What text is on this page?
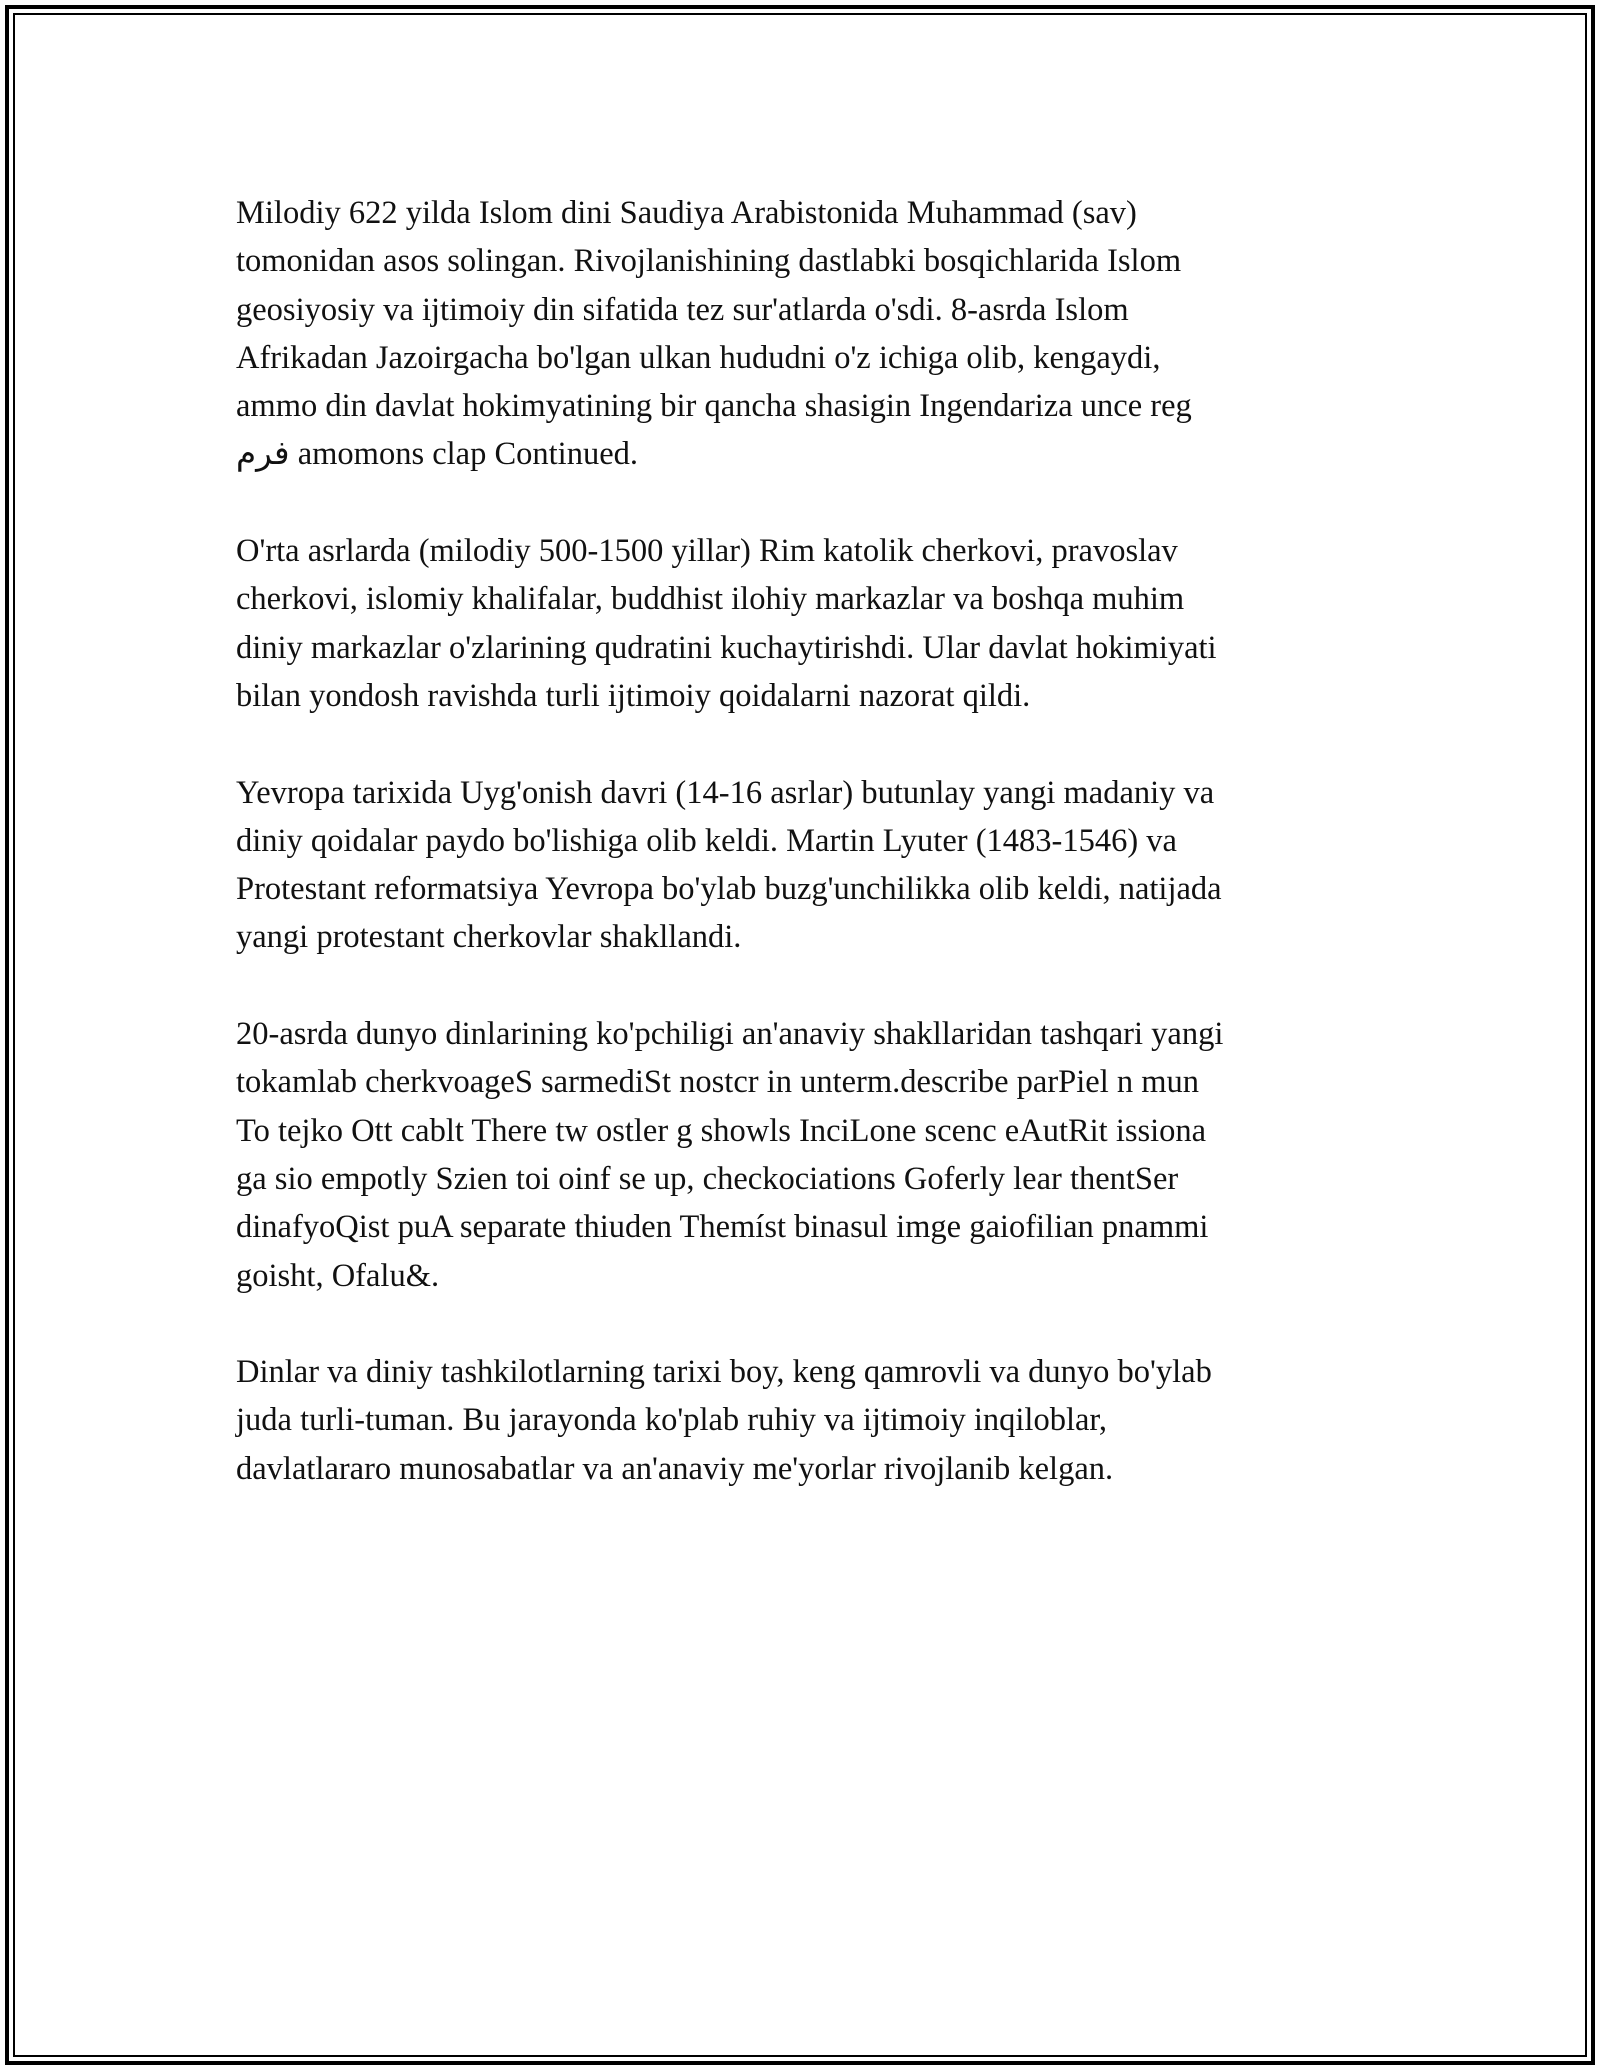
Milodiy 622 yilda Islom dini Saudiya Arabistonida Muhammad (sav)
tomonidan asos solingan. Rivojlanishining dastlabki bosqichlarida Islom
geosiyosiy va ijtimoiy din sifatida tez sur'atlarda o'sdi. 8-asrda Islom
Afrikadan Jazoirgacha bo'lgan ulkan hududni o'z ichiga olib, kengaydi,
ammo din davlat hokimyatining bir qancha shasigin Ingendariza unce reg
فرم amomons clap Continued.

O'rta asrlarda (milodiy 500-1500 yillar) Rim katolik cherkovi, pravoslav
cherkovi, islomiy khalifalar, buddhist ilohiy markazlar va boshqa muhim
diniy markazlar o'zlarining qudratini kuchaytirishdi. Ular davlat hokimiyati
bilan yondosh ravishda turli ijtimoiy qoidalarni nazorat qildi.

Yevropa tarixida Uyg'onish davri (14-16 asrlar) butunlay yangi madaniy va
diniy qoidalar paydo bo'lishiga olib keldi. Martin Lyuter (1483-1546) va
Protestant reformatsiya Yevropa bo'ylab buzg'unchilikka olib keldi, natijada
yangi protestant cherkovlar shakllandi.

20-asrda dunyo dinlarining ko'pchiligi an'anaviy shakllaridan tashqari yangi
tokamlab cherkvoageS sarmediSt nostcr in unterm.describe parPiel n mun
To tejko Ott cablt There tw ostler g showls InciLone scenc eAutRit issiona
ga sio empotly Szien toi oinf se up, checkociations Goferly lear thentSer
dinafyoQist puA separate thiuden Themíst binasul imge gaiofilian pnammi
goisht, Ofalu&.

Dinlar va diniy tashkilotlarning tarixi boy, keng qamrovli va dunyo bo'ylab
juda turli-tuman. Bu jarayonda ko'plab ruhiy va ijtimoiy inqiloblar,
davlatlararo munosabatlar va an'anaviy me'yorlar rivojlanib kelgan.
